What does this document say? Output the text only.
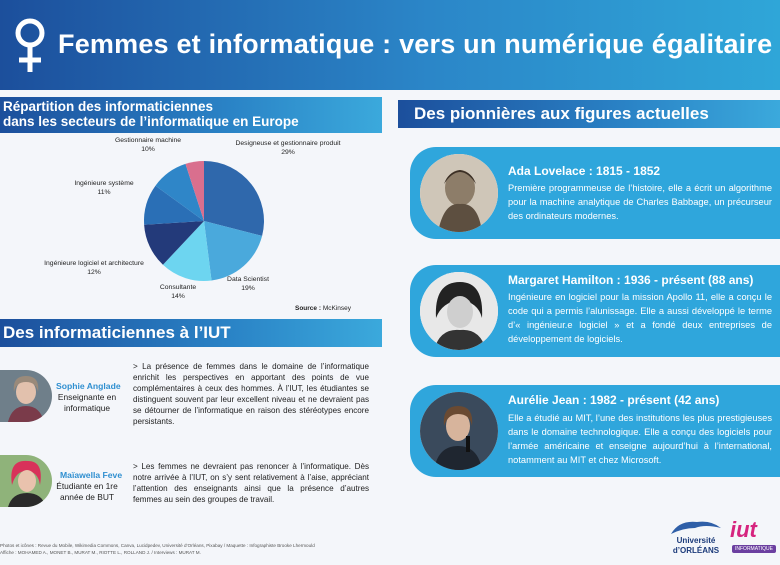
Femmes et informatique : vers un numérique égalitaire
Répartition des informaticiennes
dans les secteurs de l’informatique en Europe
Designeuse et gestionnaire produit
29%
Data Scientist
19%
Consultante
14%
Ingénieure logiciel et architecture
12%
Ingénieure système
11%
Gestionnaire machine
10%
Source : McKinsey
Des informaticiennes à l’IUT
Des pionnières aux figures actuelles
Ada Lovelace : 1815 - 1852
Première programmeuse de l’histoire, elle a écrit un algorithme pour la machine analytique de Charles Babbage, un précurseur des ordinateurs modernes.
Margaret Hamilton : 1936 - présent (88 ans)
Ingénieure en logiciel pour la mission Apollo 11, elle a conçu le code qui a permis l’alunissage. Elle a aussi développé le terme d’« ingénieur.e logiciel » et a fondé deux entreprises de développement de logiciels.
Aurélie Jean : 1982 - présent (42 ans)
Elle a étudié au MIT, l’une des institutions les plus prestigieuses dans le domaine technologique. Elle a conçu des logiciels pour l’armée américaine et enseigne aujourd’hui à l’international, notamment au MIT et chez Microsoft.
Sophie Anglade
Enseignante en
informatique
> La présence de femmes dans le domaine de l’informatique enrichit les perspectives en apportant des points de vue complémentaires à ceux des hommes. À l’IUT, les étudiantes se distinguent souvent par leur excellent niveau et ne devraient pas se détourner de l’informatique en raison des stéréotypes encore persistants.
Maïawella Feve
Étudiante en 1re
année de BUT
> Les femmes ne devraient pas renoncer à l’informatique. Dès notre arrivée à l’IUT, on s’y sent relativement à l’aise, appréciant l’attention des enseignants ainsi que la présence d’autres femmes au sein des groupes de travail.
Photos et icônes : Revue du Mobile, Wikimedia Commons, Canva, Lucidpedev, Université d’Orléans, Pixabay / Maquette : Infographiste Brooke Lhermould
Affiche : MOHAMED A., MONET B., MURAT M., RIOTTE L., ROLLAND J. / Interviews : MURAT M.
Université
d’ORLÉANS
iut
INFORMATIQUE
